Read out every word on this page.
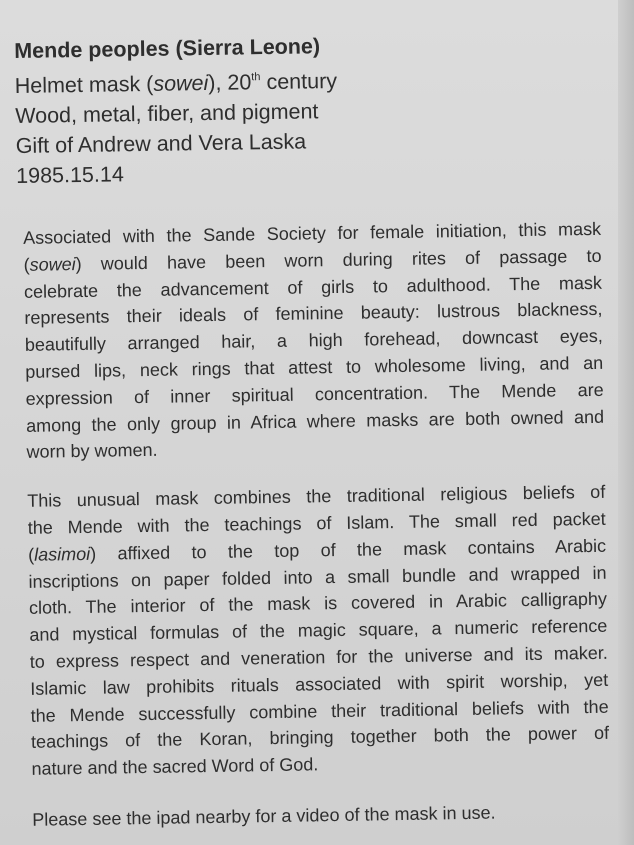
Mende peoples (Sierra Leone)
Helmet mask (sowei), 20th century
Wood, metal, fiber, and pigment
Gift of Andrew and Vera Laska
1985.15.14
Associated with the Sande Society for female initiation, this mask
(sowei) would have been worn during rites of passage to
celebrate the advancement of girls to adulthood. The mask
represents their ideals of feminine beauty: lustrous blackness,
beautifully arranged hair, a high forehead, downcast eyes,
pursed lips, neck rings that attest to wholesome living, and an
expression of inner spiritual concentration. The Mende are
among the only group in Africa where masks are both owned and
worn by women.
This unusual mask combines the traditional religious beliefs of
the Mende with the teachings of Islam. The small red packet
(lasimoi) affixed to the top of the mask contains Arabic
inscriptions on paper folded into a small bundle and wrapped in
cloth. The interior of the mask is covered in Arabic calligraphy
and mystical formulas of the magic square, a numeric reference
to express respect and veneration for the universe and its maker.
Islamic law prohibits rituals associated with spirit worship, yet
the Mende successfully combine their traditional beliefs with the
teachings of the Koran, bringing together both the power of
nature and the sacred Word of God.
Please see the ipad nearby for a video of the mask in use.
